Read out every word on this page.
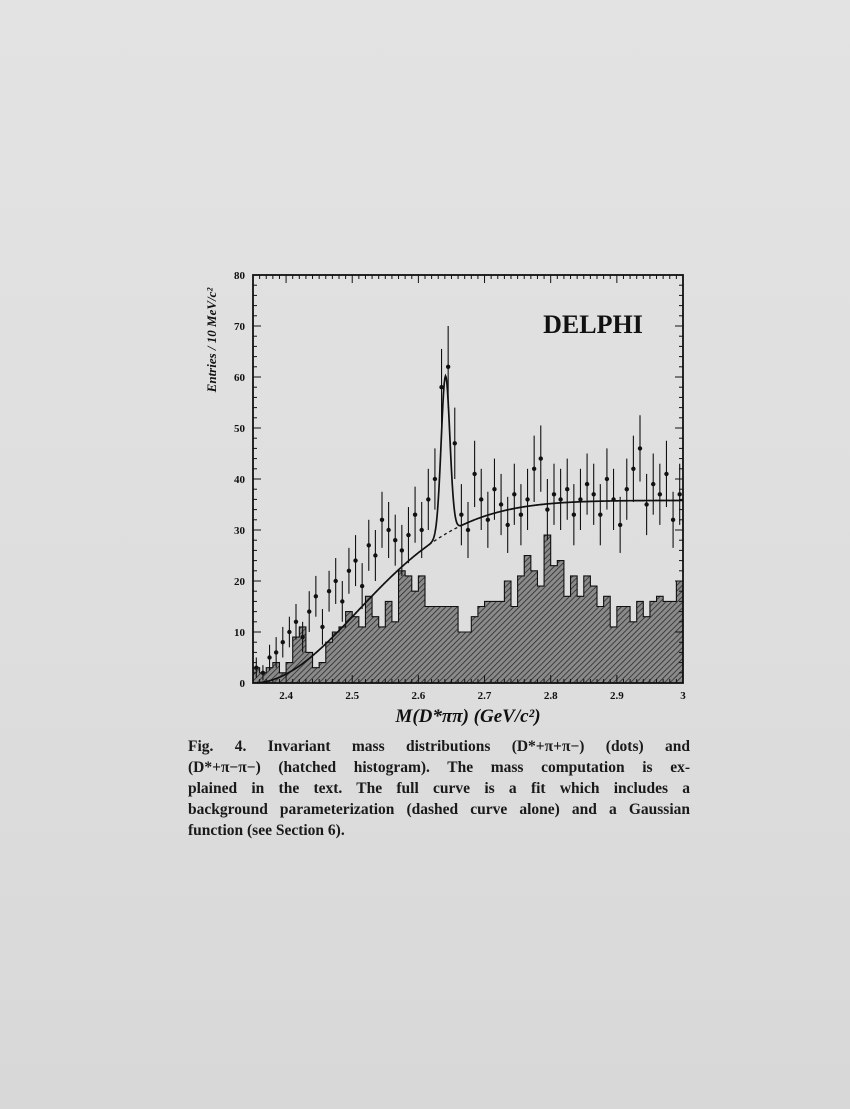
2.4	2.5	2.6	2.7	2.8	2.9	3
0
10
20
30
40
50
60
70
80
DELPHI
M(D*ππ) (GeV/c²)
Entries / 10 MeV/c²
Fig. 4. Invariant mass distributions (D*+π+π−) (dots) and
(D*+π−π−) (hatched histogram). The mass computation is ex-
plained in the text. The full curve is a fit which includes a
background parameterization (dashed curve alone) and a Gaussian
function (see Section 6).
